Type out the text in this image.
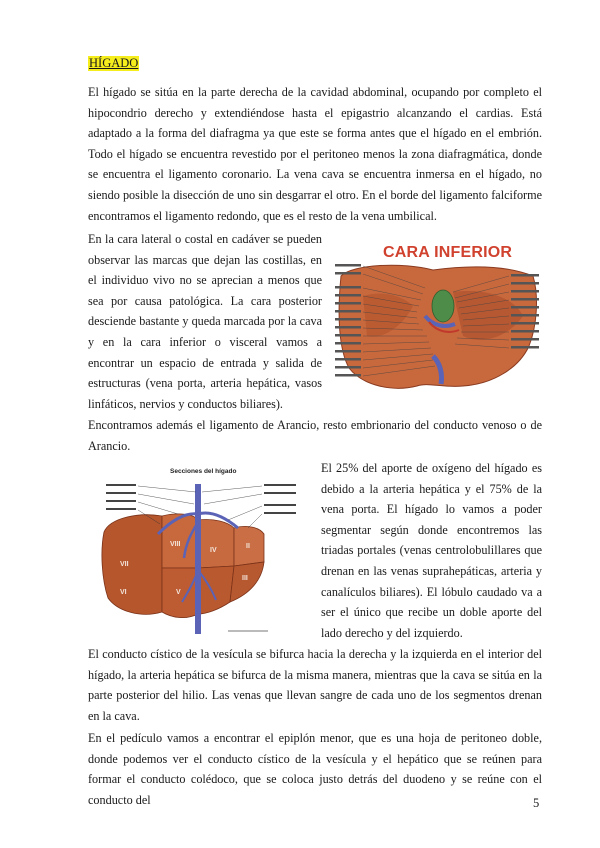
HÍGADO

El hígado se sitúa en la parte derecha de la cavidad abdominal, ocupando por completo el hipocondrio derecho y extendiéndose hasta el epigastrio alcanzando el cardias. Está adaptado a la forma del diafragma ya que este se forma antes que el hígado en el embrión. Todo el hígado se encuentra revestido por el peritoneo menos la zona diafragmática, donde se encuentra el ligamento coronario. La vena cava se encuentra inmersa en el hígado, no siendo posible la disección de uno sin desgarrar el otro. En el borde del ligamento falciforme encontramos el ligamento redondo, que es el resto de la vena umbilical.

En la cara lateral o costal en cadáver se pueden observar las marcas que dejan las costillas, en el individuo vivo no se aprecian a menos que sea por causa patológica. La cara posterior desciende bastante y queda marcada por la cava y en la cara inferior o visceral vamos a encontrar un espacio de entrada y salida de estructuras (vena porta, arteria hepática, vasos linfáticos, nervios y conductos biliares).

CARA INFERIOR

Encontramos además el ligamento de Arancio, resto embrionario del conducto venoso o de Arancio.

Secciones del hígado
VII
VIII	II
III
IV
V
VI

El 25% del aporte de oxígeno del hígado es debido a la arteria hepática y el 75% de la vena porta. El hígado lo vamos a poder segmentar según donde encontremos las triadas portales (venas centrolobulillares que drenan en las venas suprahepáticas, arteria y canalículos biliares). El lóbulo caudado va a ser el único que recibe un doble aporte del lado derecho y del izquierdo.

El conducto cístico de la vesícula se bifurca hacia la derecha y la izquierda en el interior del hígado, la arteria hepática se bifurca de la misma manera, mientras que la cava se sitúa en la parte posterior del hilio. Las venas que llevan sangre de cada uno de los segmentos drenan en la cava.

En el pedículo vamos a encontrar el epiplón menor, que es una hoja de peritoneo doble, donde podemos ver el conducto cístico de la vesícula y el hepático que se reúnen para formar el conducto colédoco, que se coloca justo detrás del duodeno y se reúne con el conducto del	5
